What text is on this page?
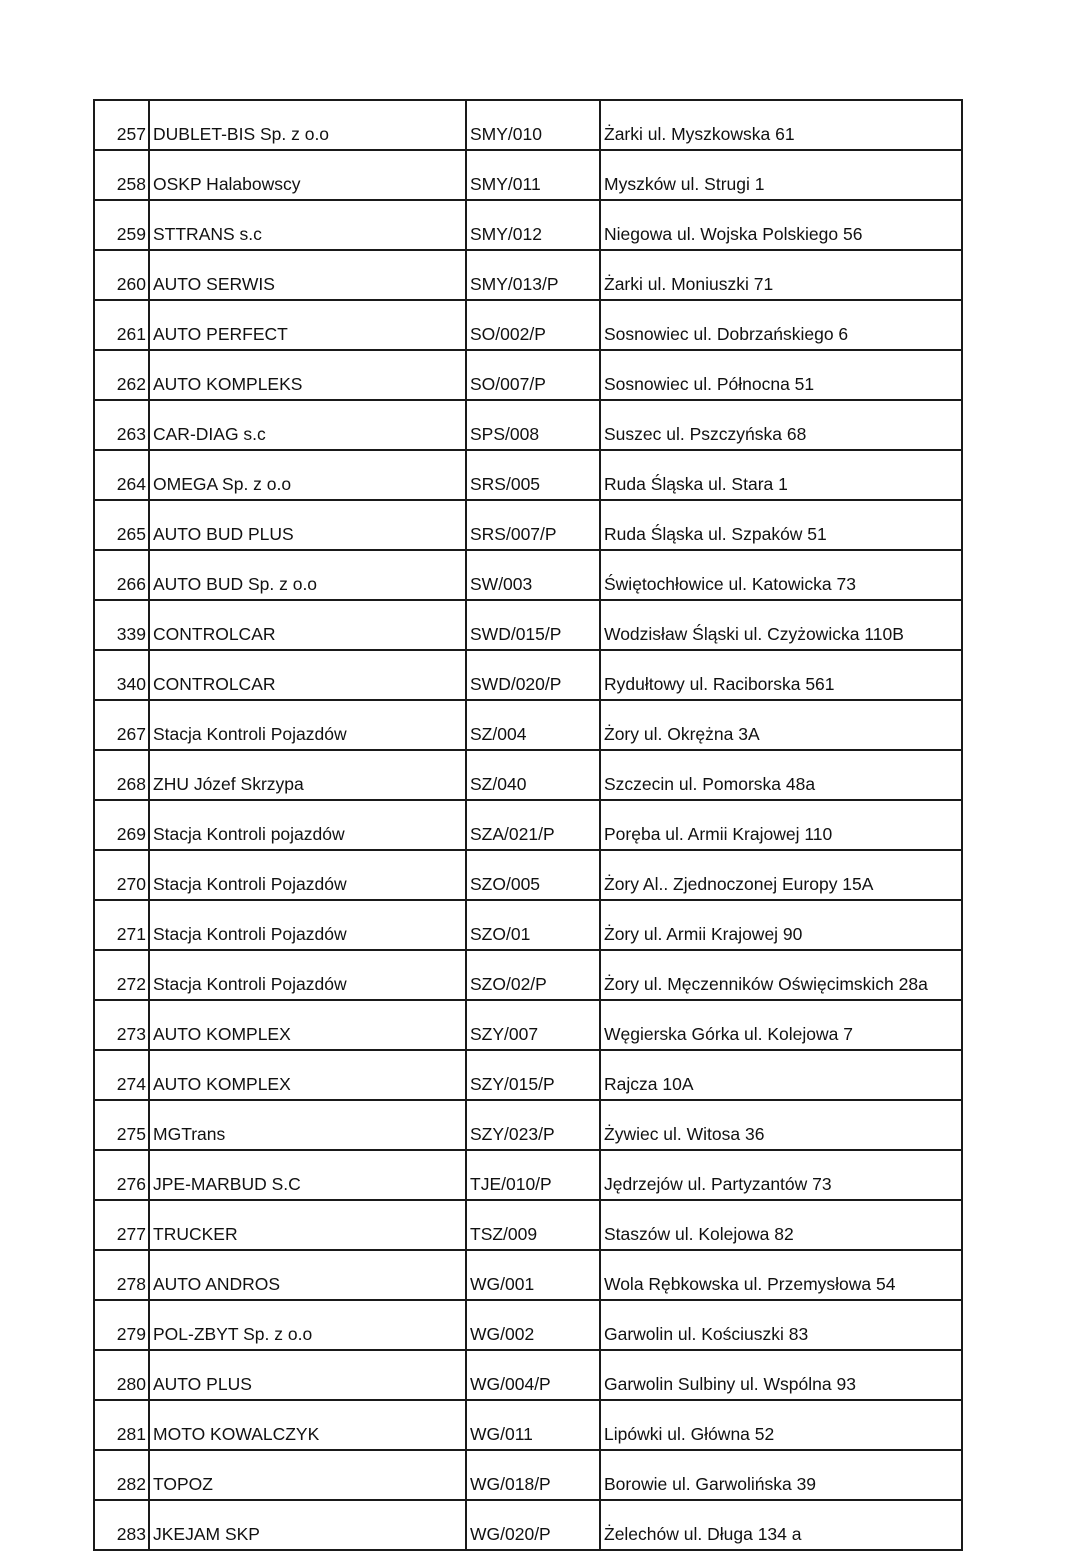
257	DUBLET-BIS Sp. z o.o	SMY/010	Żarki ul. Myszkowska 61
258	OSKP Halabowscy	SMY/011	Myszków ul. Strugi 1
259	STTRANS s.c	SMY/012	Niegowa ul. Wojska Polskiego 56
260	AUTO SERWIS	SMY/013/P	Żarki ul. Moniuszki 71
261	AUTO PERFECT	SO/002/P	Sosnowiec ul. Dobrzańskiego 6
262	AUTO KOMPLEKS	SO/007/P	Sosnowiec ul. Północna 51
263	CAR-DIAG s.c	SPS/008	Suszec ul. Pszczyńska 68
264	OMEGA Sp. z o.o	SRS/005	Ruda Śląska ul. Stara 1
265	AUTO BUD PLUS	SRS/007/P	Ruda Śląska ul. Szpaków 51
266	AUTO BUD Sp. z o.o	SW/003	Świętochłowice ul. Katowicka 73
339	CONTROLCAR	SWD/015/P	Wodzisław Śląski ul. Czyżowicka 110B
340	CONTROLCAR	SWD/020/P	Rydułtowy ul. Raciborska 561
267	Stacja Kontroli Pojazdów	SZ/004	Żory ul. Okrężna 3A
268	ZHU Józef Skrzypa	SZ/040	Szczecin ul. Pomorska 48a
269	Stacja Kontroli pojazdów	SZA/021/P	Poręba ul. Armii Krajowej 110
270	Stacja Kontroli Pojazdów	SZO/005	Żory Al.. Zjednoczonej Europy 15A
271	Stacja Kontroli Pojazdów	SZO/01	Żory ul. Armii Krajowej 90
272	Stacja Kontroli Pojazdów	SZO/02/P	Żory ul. Męczenników Oświęcimskich 28a
273	AUTO KOMPLEX	SZY/007	Węgierska Górka ul. Kolejowa 7
274	AUTO KOMPLEX	SZY/015/P	Rajcza 10A
275	MGTrans	SZY/023/P	Żywiec ul. Witosa 36
276	JPE-MARBUD S.C	TJE/010/P	Jędrzejów ul. Partyzantów 73
277	TRUCKER	TSZ/009	Staszów ul. Kolejowa 82
278	AUTO ANDROS	WG/001	Wola Rębkowska ul. Przemysłowa 54
279	POL-ZBYT Sp. z o.o	WG/002	Garwolin ul. Kościuszki 83
280	AUTO PLUS	WG/004/P	Garwolin Sulbiny ul. Wspólna 93
281	MOTO KOWALCZYK	WG/011	Lipówki ul. Główna 52
282	TOPOZ	WG/018/P	Borowie ul. Garwolińska 39
283	JKEJAM SKP	WG/020/P	Żelechów ul. Długa 134 a
